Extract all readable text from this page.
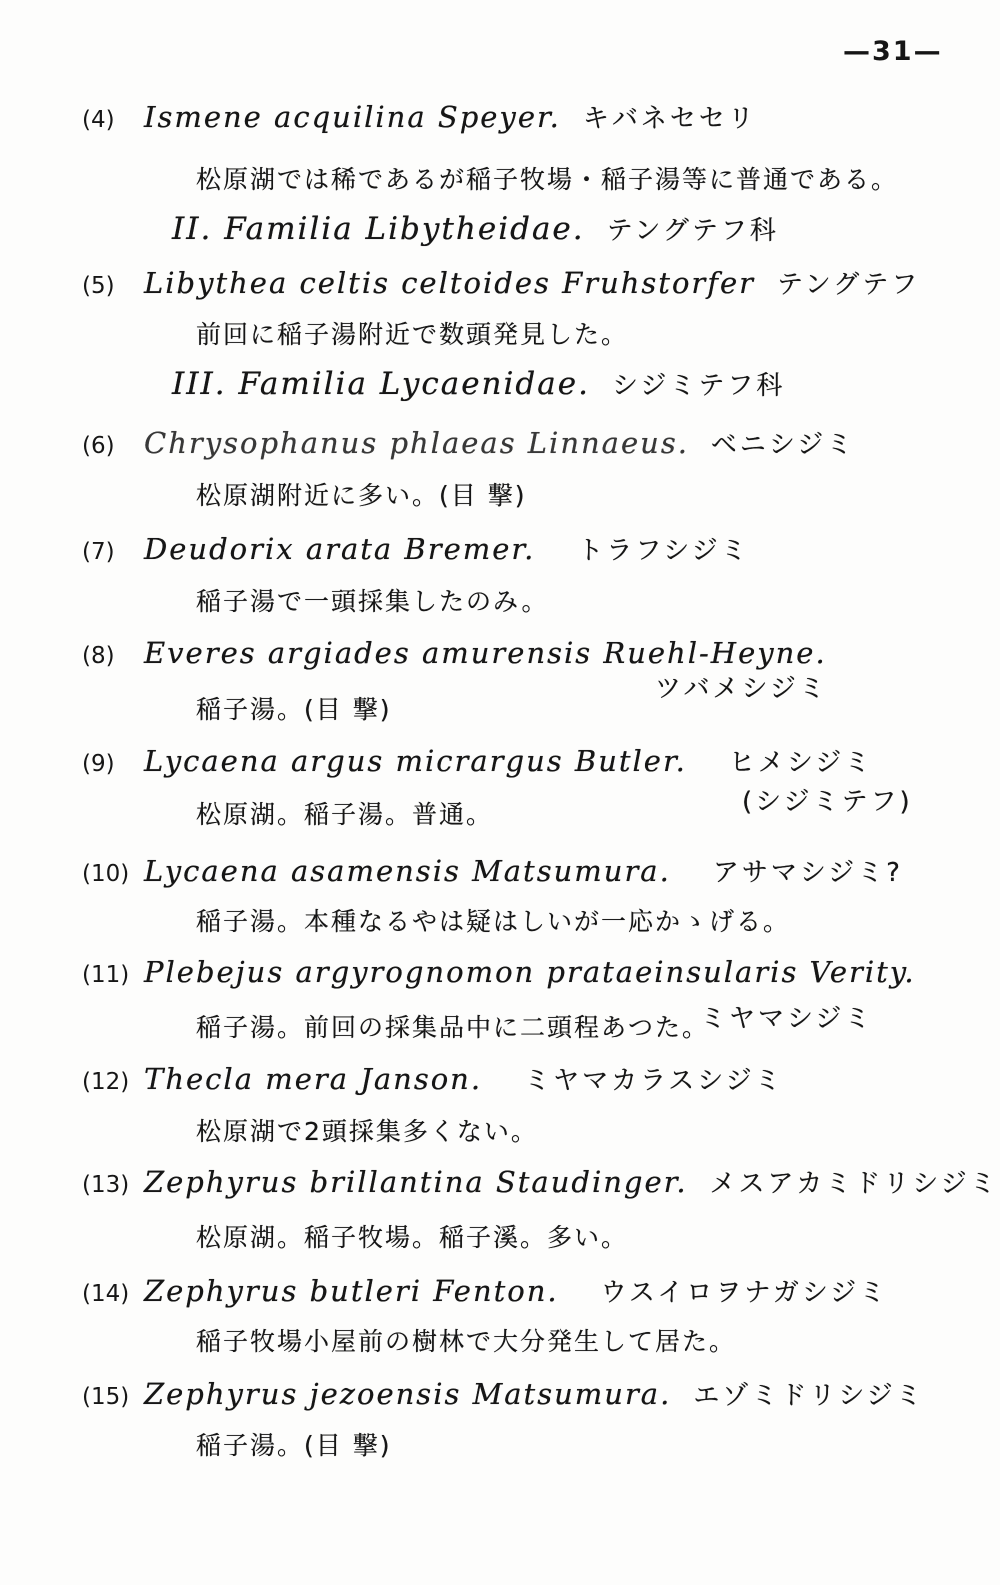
—31—
(4)	Ismene acquilina Speyer. キバネセセリ
松原湖では稀であるが稲子牧場・稲子湯等に普通である。
II. Familia Libytheidae. テングテフ科
(5)	Libythea celtis celtoides Fruhstorfer テングテフ
前回に稲子湯附近で数頭発見した。
III. Familia Lycaenidae. シジミテフ科
(6)	Chrysophanus phlaeas Linnaeus. ベニシジミ
松原湖附近に多い。(目 撃)
(7)	Deudorix arata Bremer. トラフシジミ
稲子湯で一頭採集したのみ。
(8)	Everes argiades amurensis Ruehl-Heyne.
ツバメシジミ
稲子湯。(目 撃)
(9)	Lycaena argus micrargus Butler. ヒメシジミ
(シジミテフ)
松原湖。稲子湯。普通。
(10) Lycaena asamensis Matsumura. アサマシジミ?
稲子湯。本種なるやは疑はしいが一応かゝげる。
(11) Plebejus argyrognomon prataeinsularis Verity.
ミヤマシジミ
稲子湯。前回の採集品中に二頭程あつた。
(12) Thecla mera Janson. ミヤマカラスシジミ
松原湖で2頭採集多くない。
(13) Zephyrus brillantina Staudinger. メスアカミドリシジミ
松原湖。稲子牧場。稲子溪。多い。
(14) Zephyrus butleri Fenton. ウスイロヲナガシジミ
稲子牧場小屋前の樹林で大分発生して居た。
(15) Zephyrus jezoensis Matsumura. エゾミドリシジミ
稲子湯。(目 撃)
